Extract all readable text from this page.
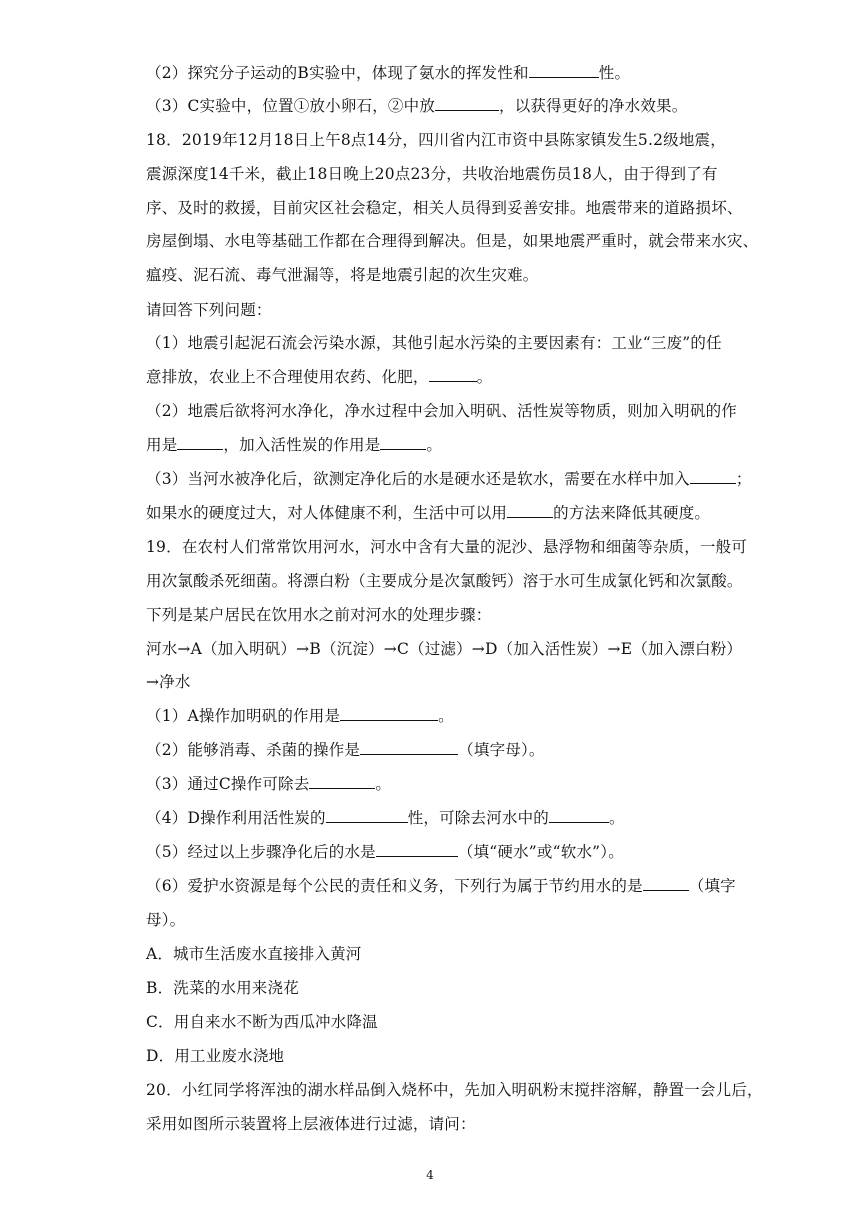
（2）探究分子运动的B实验中，体现了氨水的挥发性和	性。
（3）C实验中，位置①放小卵石，②中放	，以获得更好的净水效果。
18．2019年12月18日上午8点14分，四川省内江市资中县陈家镇发生5.2级地震，
震源深度14千米，截止18日晚上20点23分，共收治地震伤员18人，由于得到了有
序、及时的救援，目前灾区社会稳定，相关人员得到妥善安排。地震带来的道路损坏、
房屋倒塌、水电等基础工作都在合理得到解决。但是，如果地震严重时，就会带来水灾、
瘟疫、泥石流、毒气泄漏等，将是地震引起的次生灾难。
请回答下列问题：
（1）地震引起泥石流会污染水源，其他引起水污染的主要因素有：工业“三废”的任
意排放，农业上不合理使用农药、化肥，	。
（2）地震后欲将河水净化，净水过程中会加入明矾、活性炭等物质，则加入明矾的作
用是	，加入活性炭的作用是	。
（3）当河水被净化后，欲测定净化后的水是硬水还是软水，需要在水样中加入	；
如果水的硬度过大，对人体健康不利，生活中可以用	的方法来降低其硬度。
19．在农村人们常常饮用河水，河水中含有大量的泥沙、悬浮物和细菌等杂质，一般可
用次氯酸杀死细菌。将漂白粉（主要成分是次氯酸钙）溶于水可生成氯化钙和次氯酸。
下列是某户居民在饮用水之前对河水的处理步骤：
河水→A（加入明矾）→B（沉淀）→C（过滤）→D（加入活性炭）→E（加入漂白粉）
→净水
（1）A操作加明矾的作用是	。
（2）能够消毒、杀菌的操作是	（填字母）。
（3）通过C操作可除去	。
（4）D操作利用活性炭的	性，可除去河水中的	。
（5）经过以上步骤净化后的水是	（填“硬水”或“软水”）。
（6）爱护水资源是每个公民的责任和义务，下列行为属于节约用水的是	（填字
母）。
A．城市生活废水直接排入黄河
B．洗菜的水用来浇花
C．用自来水不断为西瓜冲水降温
D．用工业废水浇地
20．小红同学将浑浊的湖水样品倒入烧杯中，先加入明矾粉末搅拌溶解，静置一会儿后，
采用如图所示装置将上层液体进行过滤，请问：
4
